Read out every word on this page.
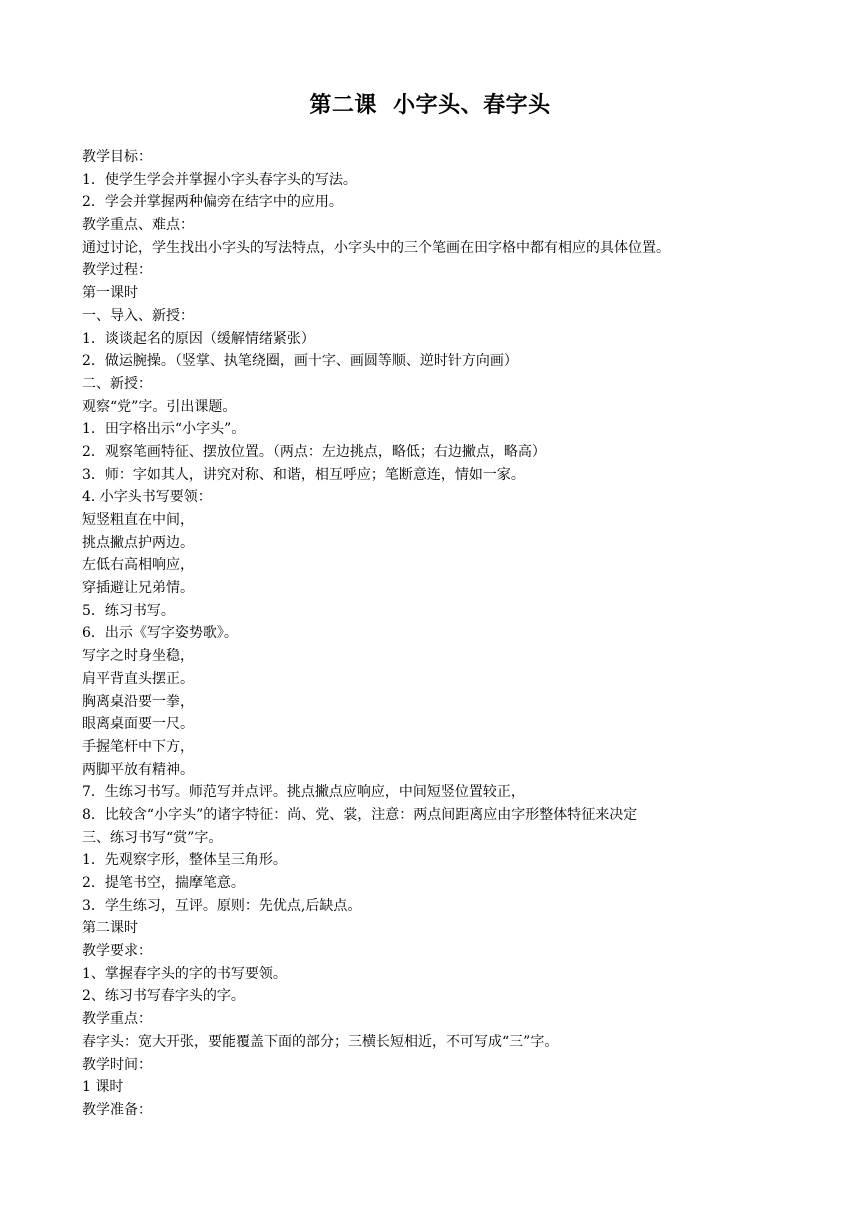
第二课  小字头、春字头
教学目标：
1．使学生学会并掌握小字头春字头的写法。
2．学会并掌握两种偏旁在结字中的应用。
教学重点、难点：
通过讨论，学生找出小字头的写法特点，小字头中的三个笔画在田字格中都有相应的具体位置。
教学过程：
第一课时
一、导入、新授：
1．谈谈起名的原因（缓解情绪紧张）
2．做运腕操。（竖掌、执笔绕圈，画十字、画圆等顺、逆时针方向画）
二、新授：
观察“党”字。引出课题。
1．田字格出示“小字头”。
2．观察笔画特征、摆放位置。（两点：左边挑点，略低；右边撇点，略高）
3．师：字如其人，讲究对称、和谐，相互呼应；笔断意连，情如一家。
4. 小字头书写要领：
短竖粗直在中间，
挑点撇点护两边。
左低右高相响应，
穿插避让兄弟情。
5．练习书写。
6．出示《写字姿势歌》。
写字之时身坐稳，
肩平背直头摆正。
胸离桌沿要一拳，
眼离桌面要一尺。
手握笔杆中下方，
两脚平放有精神。
7．生练习书写。师范写并点评。挑点撇点应响应，中间短竖位置较正，
8．比较含“小字头”的诸字特征：尚、党、裳，注意：两点间距离应由字形整体特征来决定
三、练习书写“赏”字。
1．先观察字形，整体呈三角形。
2．提笔书空，揣摩笔意。
3．学生练习，互评。原则：先优点,后缺点。
第二课时
教学要求：
1、掌握春字头的字的书写要领。
2、练习书写春字头的字。
教学重点：
春字头：宽大开张，要能覆盖下面的部分；三横长短相近，不可写成“三”字。
教学时间：
1 课时
教学准备：
